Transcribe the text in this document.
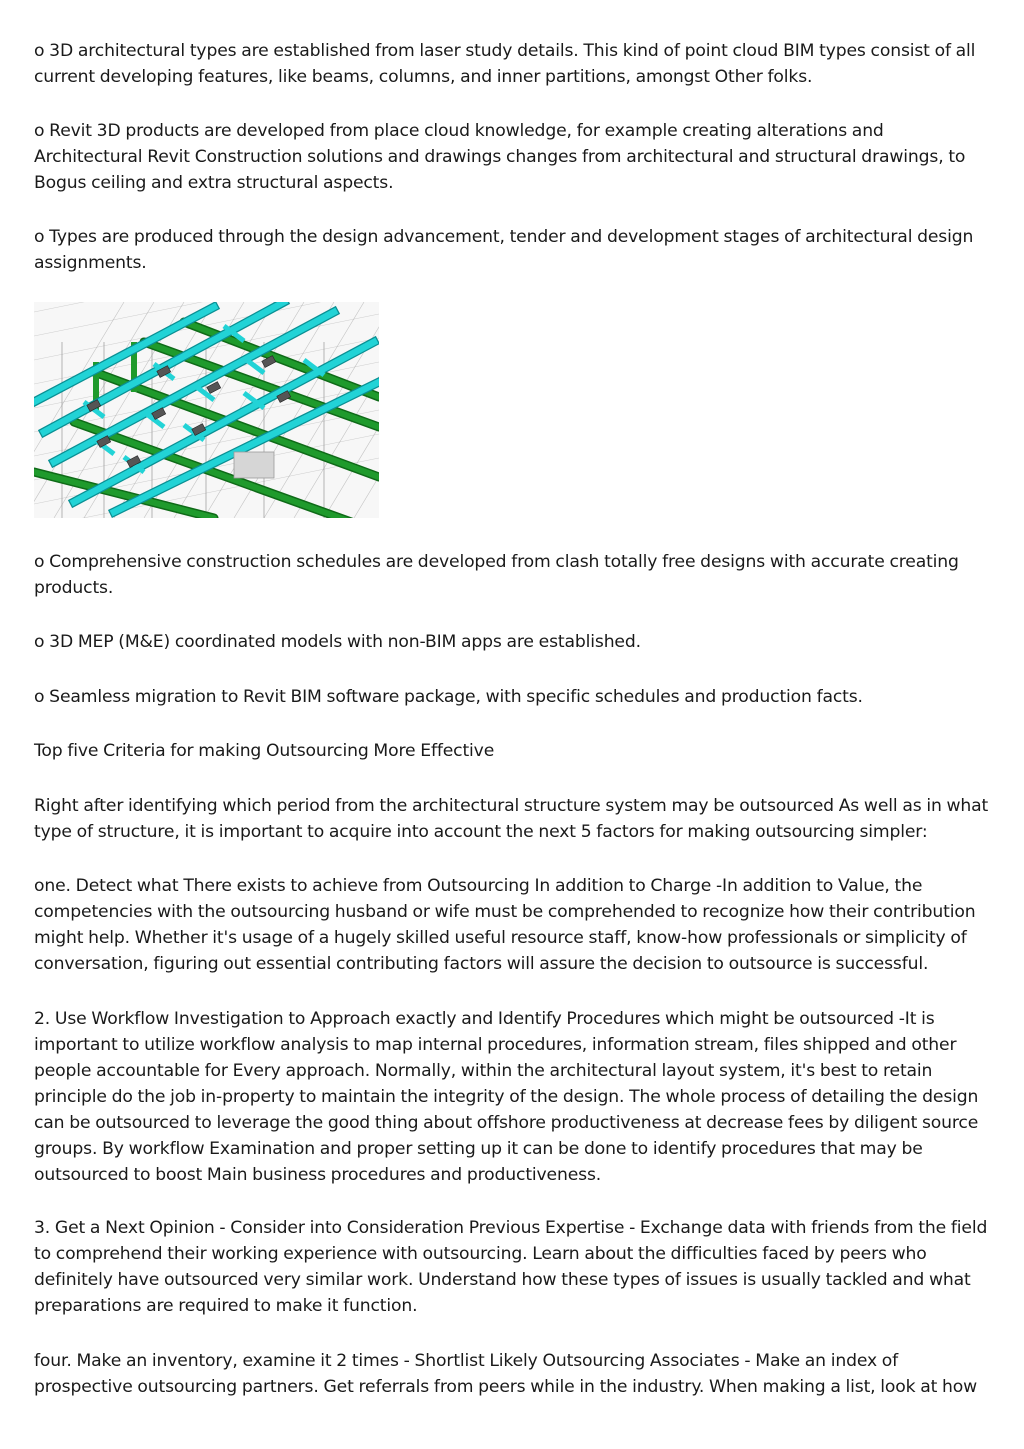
o 3D architectural types are established from laser study details. This kind of point cloud BIM types consist of all current developing features, like beams, columns, and inner partitions, amongst Other folks.

o Revit 3D products are developed from place cloud knowledge, for example creating alterations and Architectural Revit Construction solutions and drawings changes from architectural and structural drawings, to Bogus ceiling and extra structural aspects.

o Types are produced through the design advancement, tender and development stages of architectural design assignments.

o Comprehensive construction schedules are developed from clash totally free designs with accurate creating products.

o 3D MEP (M&E) coordinated models with non-BIM apps are established.

o Seamless migration to Revit BIM software package, with specific schedules and production facts.

Top five Criteria for making Outsourcing More Effective

Right after identifying which period from the architectural structure system may be outsourced As well as in what type of structure, it is important to acquire into account the next 5 factors for making outsourcing simpler:

one. Detect what There exists to achieve from Outsourcing In addition to Charge -In addition to Value, the competencies with the outsourcing husband or wife must be comprehended to recognize how their contribution might help. Whether it's usage of a hugely skilled useful resource staff, know-how professionals or simplicity of conversation, figuring out essential contributing factors will assure the decision to outsource is successful.

2. Use Workflow Investigation to Approach exactly and Identify Procedures which might be outsourced -It is important to utilize workflow analysis to map internal procedures, information stream, files shipped and other people accountable for Every approach. Normally, within the architectural layout system, it's best to retain principle do the job in-property to maintain the integrity of the design. The whole process of detailing the design can be outsourced to leverage the good thing about offshore productiveness at decrease fees by diligent source groups. By workflow Examination and proper setting up it can be done to identify procedures that may be outsourced to boost Main business procedures and productiveness.

3. Get a Next Opinion - Consider into Consideration Previous Expertise - Exchange data with friends from the field to comprehend their working experience with outsourcing. Learn about the difficulties faced by peers who definitely have outsourced very similar work. Understand how these types of issues is usually tackled and what preparations are required to make it function.

four. Make an inventory, examine it 2 times - Shortlist Likely Outsourcing Associates - Make an index of prospective outsourcing partners. Get referrals from peers while in the industry. When making a list, look at how
